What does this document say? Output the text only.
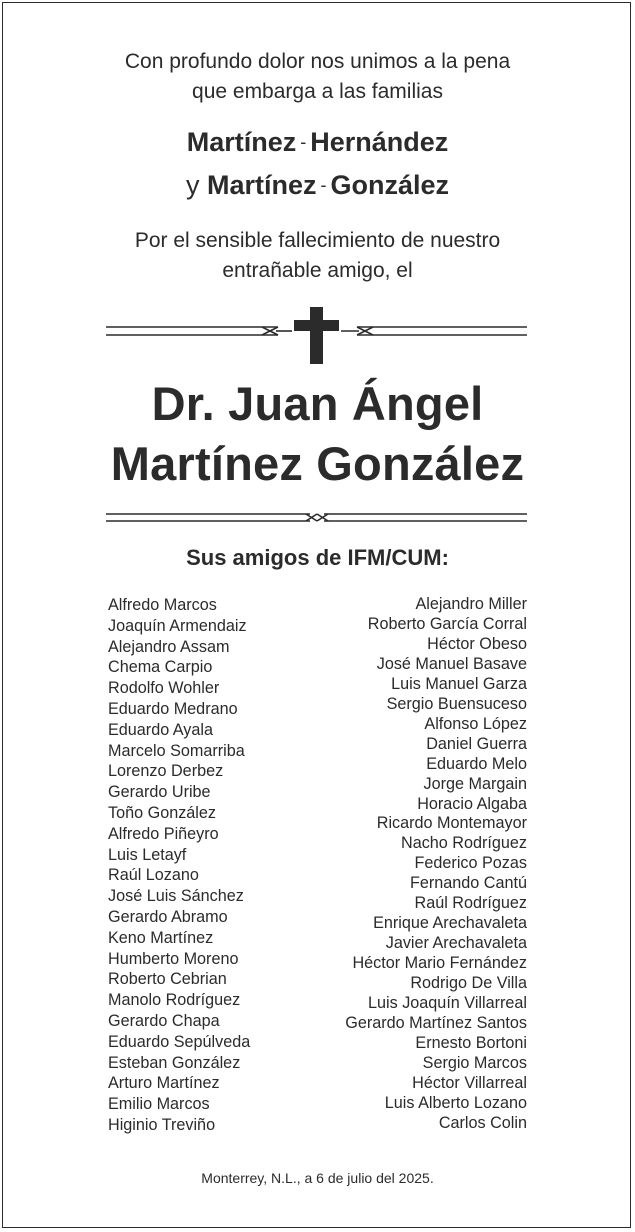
Con profundo dolor nos unimos a la pena
que embarga a las familias
Martínez - Hernández
y Martínez - González
Por el sensible fallecimiento de nuestro
entrañable amigo, el
Dr. Juan Ángel
Martínez González
Sus amigos de IFM/CUM:
Alfredo Marcos
Joaquín Armendaiz
Alejandro Assam
Chema Carpio
Rodolfo Wohler
Eduardo Medrano
Eduardo Ayala
Marcelo Somarriba
Lorenzo Derbez
Gerardo Uribe
Toño González
Alfredo Piñeyro
Luis Letayf
Raúl Lozano
José Luis Sánchez
Gerardo Abramo
Keno Martínez
Humberto Moreno
Roberto Cebrian
Manolo Rodríguez
Gerardo Chapa
Eduardo Sepúlveda
Esteban González
Arturo Martínez
Emilio Marcos
Higinio Treviño
Alejandro Miller
Roberto García Corral
Héctor Obeso
José Manuel Basave
Luis Manuel Garza
Sergio Buensuceso
Alfonso López
Daniel Guerra
Eduardo Melo
Jorge Margain
Horacio Algaba
Ricardo Montemayor
Nacho Rodríguez
Federico Pozas
Fernando Cantú
Raúl Rodríguez
Enrique Arechavaleta
Javier Arechavaleta
Héctor Mario Fernández
Rodrigo De Villa
Luis Joaquín Villarreal
Gerardo Martínez Santos
Ernesto Bortoni
Sergio Marcos
Héctor Villarreal
Luis Alberto Lozano
Carlos Colin
Monterrey, N.L., a 6 de julio del 2025.
